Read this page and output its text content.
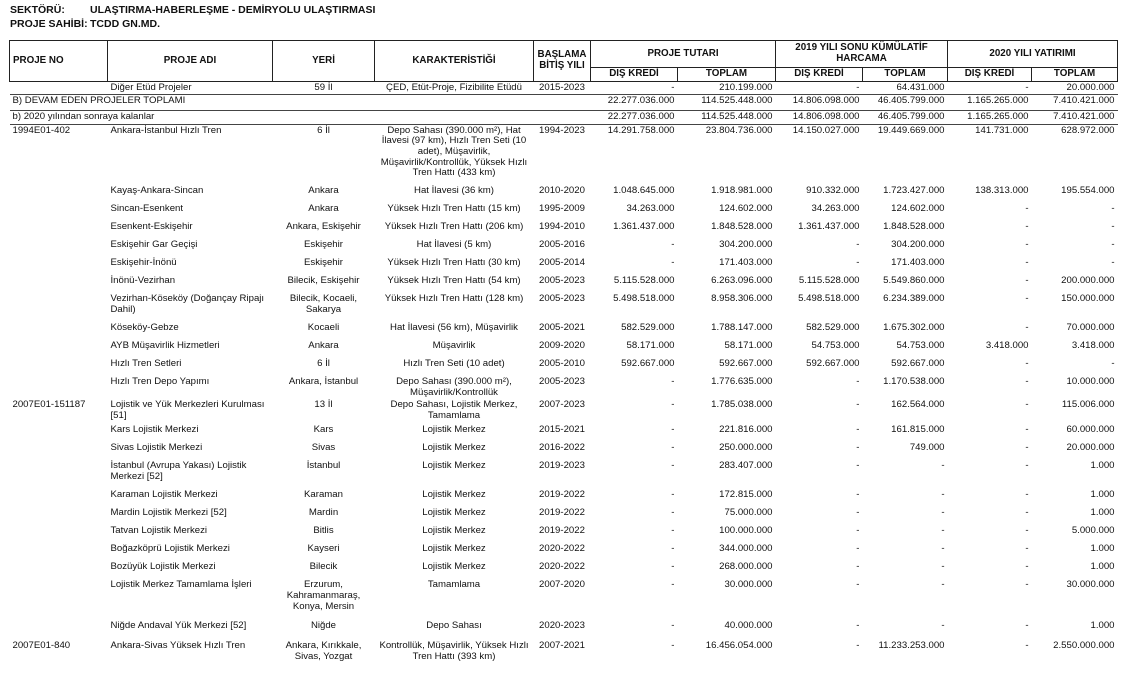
SEKTÖRÜ: ULAŞTIRMA-HABERLEŞME - DEMİRYOLU ULAŞTIRMASI
PROJE SAHİBİ: TCDD GN.MD.
PROJE NO	PROJE ADI	YERİ	KARAKTERİSTİĞİ	BAŞLAMA BİTİŞ YILI	PROJE TUTARI		2019 YILI SONU KÜMÜLATİF HARCAMA		2020 YILI YATIRIMI	
					DIŞ KREDİ	TOPLAM	DIŞ KREDİ	TOPLAM	DIŞ KREDİ	TOPLAM
	Diğer Etüd Projeler	59 İl	ÇED, Etüt-Proje, Fizibilite Etüdü	2015-2023	-	210.199.000	-	64.431.000	-	20.000.000
B) DEVAM EDEN PROJELER TOPLAMI					22.277.036.000	114.525.448.000	14.806.098.000	46.405.799.000	1.165.265.000	7.410.421.000
b) 2020 yılından sonraya kalanlar					22.277.036.000	114.525.448.000	14.806.098.000	46.405.799.000	1.165.265.000	7.410.421.000
1994E01-402	Ankara-İstanbul Hızlı Tren	6 İl	Depo Sahası (390.000 m²), Hat İlavesi (97 km), Hızlı Tren Seti (10 adet), Müşavirlik, Müşavirlik/Kontrollük, Yüksek Hızlı Tren Hattı (433 km)	1994-2023	14.291.758.000	23.804.736.000	14.150.027.000	19.449.669.000	141.731.000	628.972.000
	Kayaş-Ankara-Sincan	Ankara	Hat İlavesi (36 km)	2010-2020	1.048.645.000	1.918.981.000	910.332.000	1.723.427.000	138.313.000	195.554.000
	Sincan-Esenkent	Ankara	Yüksek Hızlı Tren Hattı (15 km)	1995-2009	34.263.000	124.602.000	34.263.000	124.602.000	-	-
	Esenkent-Eskişehir	Ankara, Eskişehir	Yüksek Hızlı Tren Hattı (206 km)	1994-2010	1.361.437.000	1.848.528.000	1.361.437.000	1.848.528.000	-	-
	Eskişehir Gar Geçişi	Eskişehir	Hat İlavesi (5 km)	2005-2016	-	304.200.000	-	304.200.000	-	-
	Eskişehir-İnönü	Eskişehir	Yüksek Hızlı Tren Hattı (30 km)	2005-2014	-	171.403.000	-	171.403.000	-	-
	İnönü-Vezirhan	Bilecik, Eskişehir	Yüksek Hızlı Tren Hattı (54 km)	2005-2023	5.115.528.000	6.263.096.000	5.115.528.000	5.549.860.000	-	200.000.000
	Vezirhan-Köseköy (Doğançay Ripajı Dahil)	Bilecik, Kocaeli, Sakarya	Yüksek Hızlı Tren Hattı (128 km)	2005-2023	5.498.518.000	8.958.306.000	5.498.518.000	6.234.389.000	-	150.000.000
	Köseköy-Gebze	Kocaeli	Hat İlavesi (56 km), Müşavirlik	2005-2021	582.529.000	1.788.147.000	582.529.000	1.675.302.000	-	70.000.000
	AYB Müşavirlik Hizmetleri	Ankara	Müşavirlik	2009-2020	58.171.000	58.171.000	54.753.000	54.753.000	3.418.000	3.418.000
	Hızlı Tren Setleri	6 İl	Hızlı Tren Seti (10 adet)	2005-2010	592.667.000	592.667.000	592.667.000	592.667.000	-	-
	Hızlı Tren Depo Yapımı	Ankara, İstanbul	Depo Sahası (390.000 m²), Müşavirlik/Kontrollük	2005-2023	-	1.776.635.000	-	1.170.538.000	-	10.000.000
2007E01-151187	Lojistik ve Yük Merkezleri Kurulması [51]	13 İl	Depo Sahası, Lojistik Merkez, Tamamlama	2007-2023	-	1.785.038.000	-	162.564.000	-	115.006.000
	Kars Lojistik Merkezi	Kars	Lojistik Merkez	2015-2021	-	221.816.000	-	161.815.000	-	60.000.000
	Sivas Lojistik Merkezi	Sivas	Lojistik Merkez	2016-2022	-	250.000.000	-	749.000	-	20.000.000
	İstanbul (Avrupa Yakası) Lojistik Merkezi [52]	İstanbul	Lojistik Merkez	2019-2023	-	283.407.000	-	-	-	1.000
	Karaman Lojistik Merkezi	Karaman	Lojistik Merkez	2019-2022	-	172.815.000	-	-	-	1.000
	Mardin Lojistik Merkezi [52]	Mardin	Lojistik Merkez	2019-2022	-	75.000.000	-	-	-	1.000
	Tatvan Lojistik Merkezi	Bitlis	Lojistik Merkez	2019-2022	-	100.000.000	-	-	-	5.000.000
	Boğazköprü Lojistik Merkezi	Kayseri	Lojistik Merkez	2020-2022	-	344.000.000	-	-	-	1.000
	Bozüyük Lojistik Merkezi	Bilecik	Lojistik Merkez	2020-2022	-	268.000.000	-	-	-	1.000
	Lojistik Merkez Tamamlama İşleri	Erzurum, Kahramanmaraş, Konya, Mersin	Tamamlama	2007-2020	-	30.000.000	-	-	-	30.000.000
	Niğde Andaval Yük Merkezi [52]	Niğde	Depo Sahası	2020-2023	-	40.000.000	-	-	-	1.000
2007E01-840	Ankara-Sivas Yüksek Hızlı Tren	Ankara, Kırıkkale, Sivas, Yozgat	Kontrollük, Müşavirlik, Yüksek Hızlı Tren Hattı (393 km)	2007-2021	-	16.456.054.000	-	11.233.253.000	-	2.550.000.000
